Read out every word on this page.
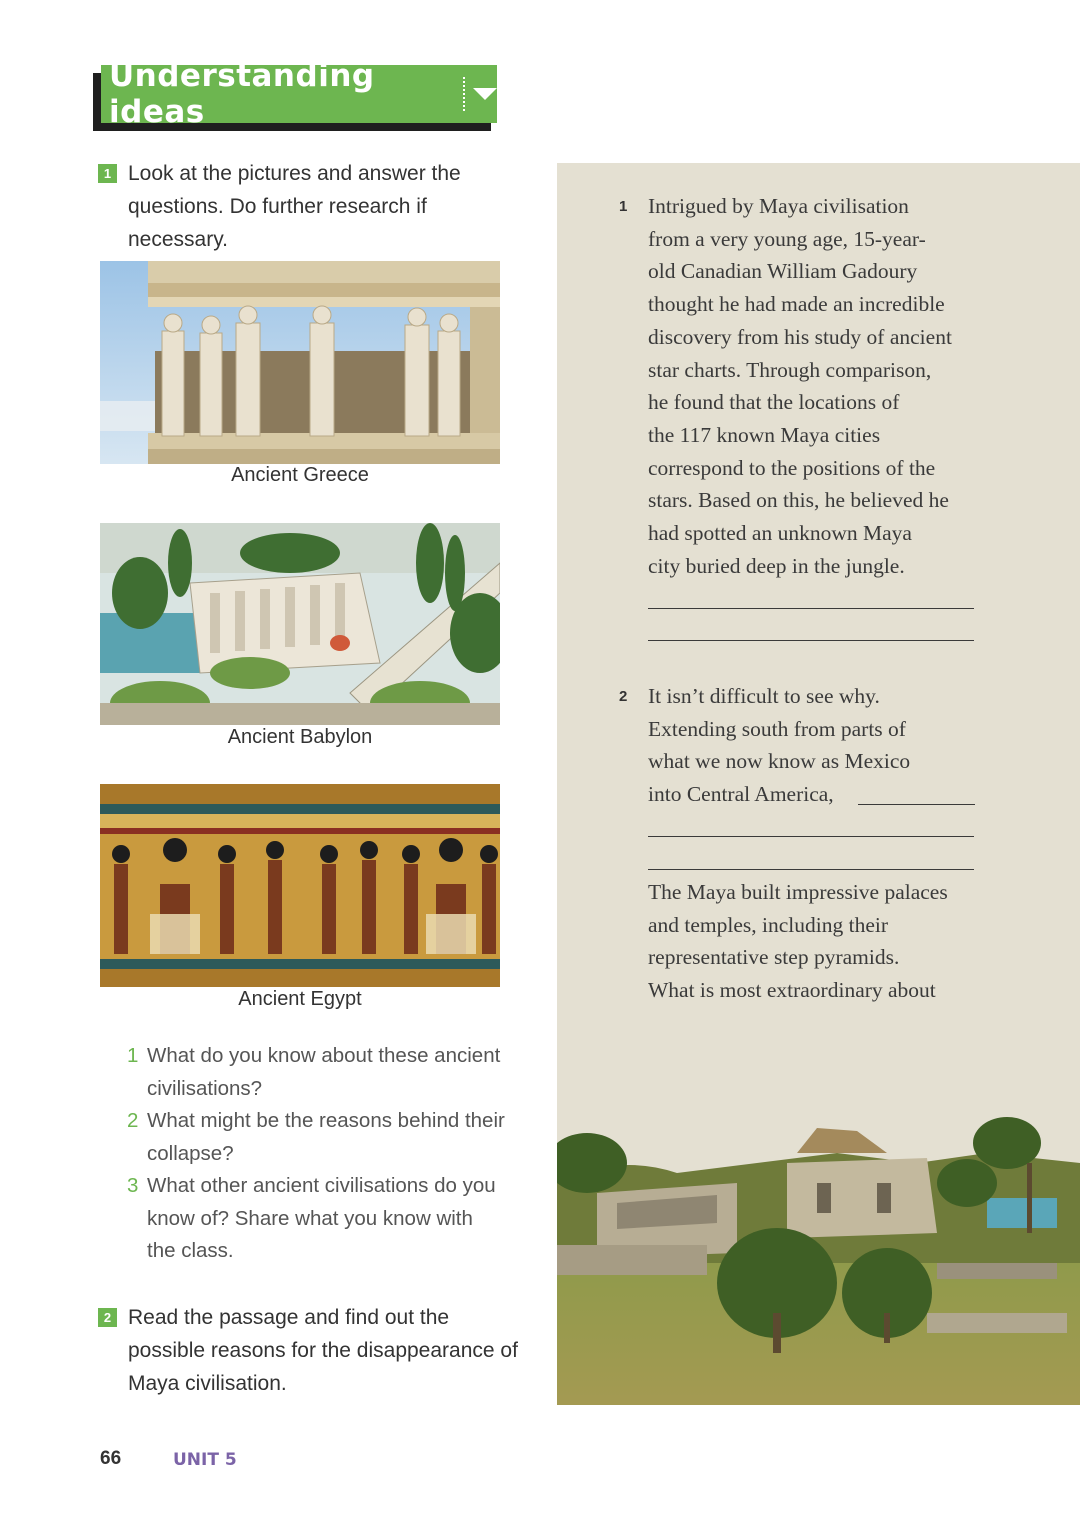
Understanding ideas
1 Look at the pictures and answer the
questions. Do further research if
necessary.
Ancient Greece
Ancient Babylon
Ancient Egypt
1 What do you know about these ancient
civilisations?
2 What might be the reasons behind their
collapse?
3 What other ancient civilisations do you
know of? Share what you know with
the class.
2 Read the passage and find out the
possible reasons for the disappearance of
Maya civilisation.
1 Intrigued by Maya civilisation
from a very young age, 15-year-
old Canadian William Gadoury
thought he had made an incredible
discovery from his study of ancient
star charts. Through comparison,
he found that the locations of
the 117 known Maya cities
correspond to the positions of the
stars. Based on this, he believed he
had spotted an unknown Maya
city buried deep in the jungle.
2 It isn’t difficult to see why.
Extending south from parts of
what we now know as Mexico
into Central America,
The Maya built impressive palaces
and temples, including their
representative step pyramids.
What is most extraordinary about
66	UNIT 5
